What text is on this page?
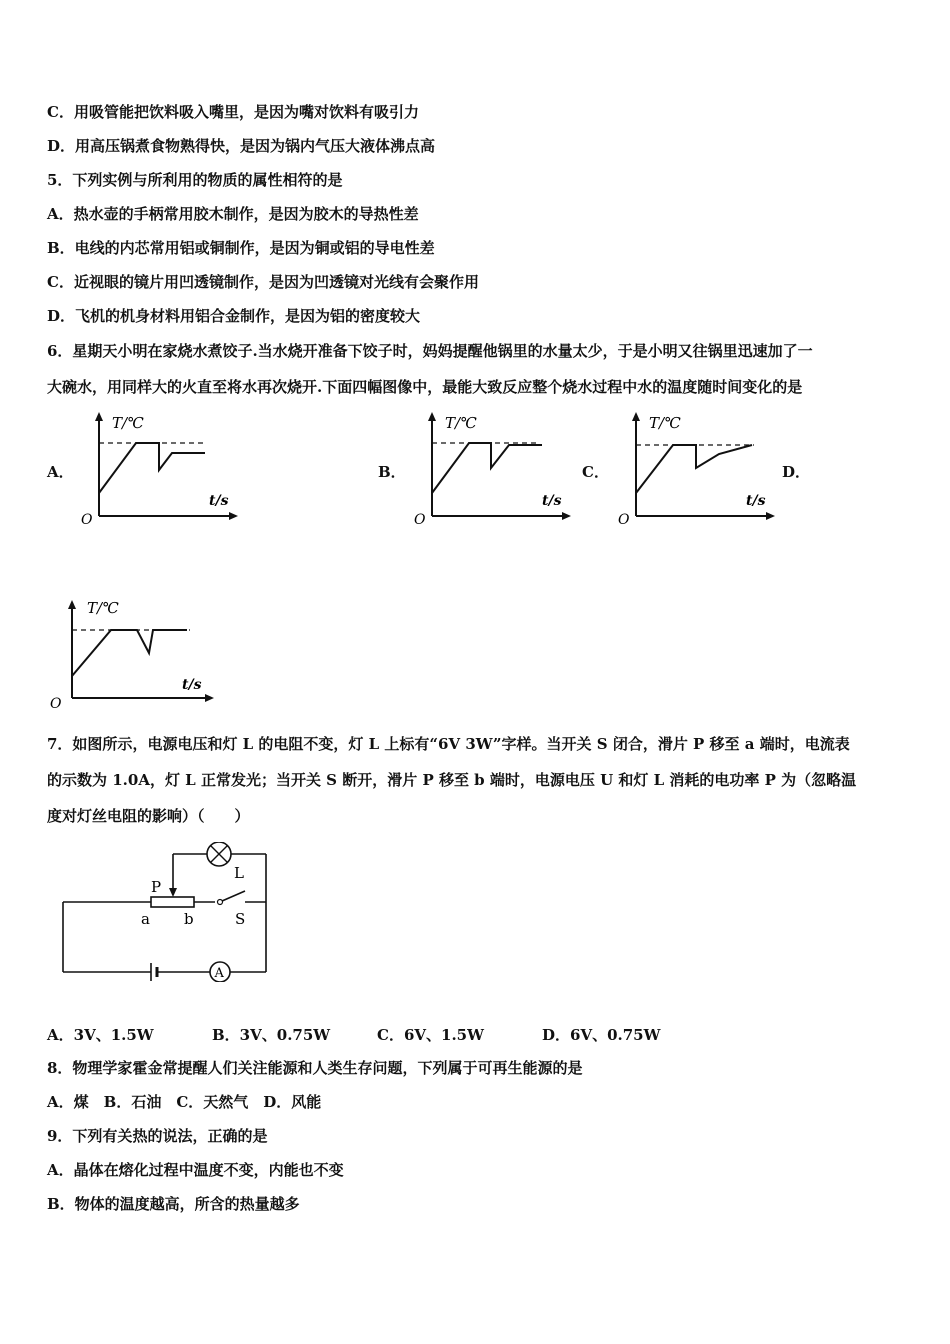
C．用吸管能把饮料吸入嘴里，是因为嘴对饮料有吸引力

D．用高压锅煮食物熟得快，是因为锅内气压大液体沸点高

5．下列实例与所利用的物质的属性相符的是

A．热水壶的手柄常用胶木制作，是因为胶木的导热性差

B．电线的内芯常用铝或铜制作，是因为铜或铝的导电性差

C．近视眼的镜片用凹透镜制作，是因为凹透镜对光线有会聚作用

D．飞机的机身材料用铝合金制作，是因为铝的密度较大

6．星期天小明在家烧水煮饺子.当水烧开准备下饺子时，妈妈提醒他锅里的水量太少，于是小明又往锅里迅速加了一

大碗水，用同样大的火直至将水再次烧开.下面四幅图像中，最能大致反应整个烧水过程中水的温度随时间变化的是

A．	B．	C．	D．
T/℃
t/s
O
T/℃
t/s
O
T/℃
t/s
O
T/℃
t/s
O

7．如图所示，电源电压和灯 L 的电阻不变，灯 L 上标有“6V 3W”字样。当开关 S 闭合，滑片 P 移至 a 端时，电流表

的示数为 1.0A，灯 L 正常发光；当开关 S 断开，滑片 P 移至 b 端时，电源电压 U 和灯 L 消耗的电功率 P 为（忽略温

度对灯丝电阻的影响）（　　）

A
P
L
a b	S
A．3V、1.5W	B．3V、0.75W	C．6V、1.5W	D．6V、0.75W

8．物理学家霍金常提醒人们关注能源和人类生存问题，下列属于可再生能源的是

A．煤　B．石油　C．天然气　D．风能

9．下列有关热的说法，正确的是

A．晶体在熔化过程中温度不变，内能也不变

B．物体的温度越高，所含的热量越多
